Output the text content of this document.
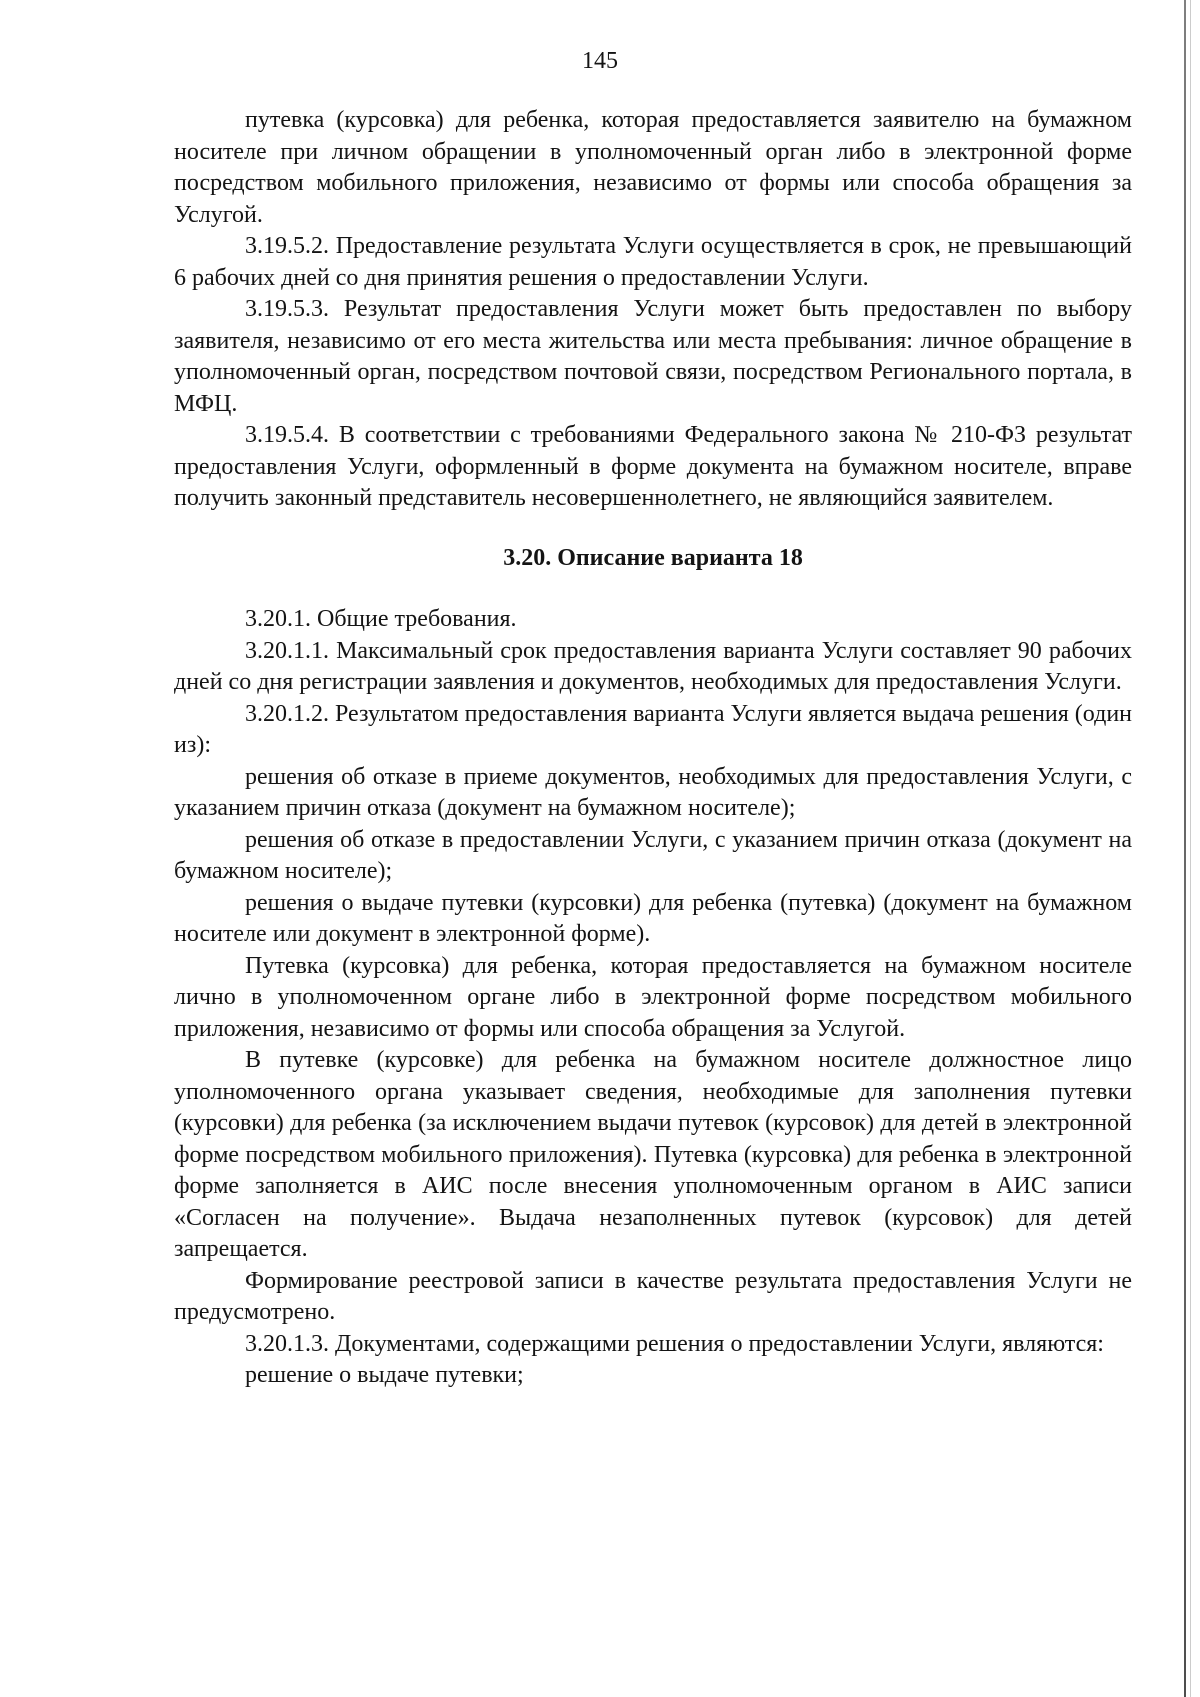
145

путевка (курсовка) для ребенка, которая предоставляется заявителю на бумажном носителе при личном обращении в уполномоченный орган либо в электронной форме посредством мобильного приложения, независимо от формы или способа обращения за Услугой.

3.19.5.2. Предоставление результата Услуги осуществляется в срок, не превышающий 6 рабочих дней со дня принятия решения о предоставлении Услуги.

3.19.5.3. Результат предоставления Услуги может быть предоставлен по выбору заявителя, независимо от его места жительства или места пребывания: личное обращение в уполномоченный орган, посредством почтовой связи, посредством Регионального портала, в МФЦ.

3.19.5.4. В соответствии с требованиями Федерального закона № 210-ФЗ результат предоставления Услуги, оформленный в форме документа на бумажном носителе, вправе получить законный представитель несовершеннолетнего, не являющийся заявителем.

3.20. Описание варианта 18

3.20.1. Общие требования.

3.20.1.1. Максимальный срок предоставления варианта Услуги составляет 90 рабочих дней со дня регистрации заявления и документов, необходимых для предоставления Услуги.

3.20.1.2. Результатом предоставления варианта Услуги является выдача решения (один из):

решения об отказе в приеме документов, необходимых для предоставления Услуги, с указанием причин отказа (документ на бумажном носителе);

решения об отказе в предоставлении Услуги, с указанием причин отказа (документ на бумажном носителе);

решения о выдаче путевки (курсовки) для ребенка (путевка) (документ на бумажном носителе или документ в электронной форме).

Путевка (курсовка) для ребенка, которая предоставляется на бумажном носителе лично в уполномоченном органе либо в электронной форме посредством мобильного приложения, независимо от формы или способа обращения за Услугой.

В путевке (курсовке) для ребенка на бумажном носителе должностное лицо уполномоченного органа указывает сведения, необходимые для заполнения путевки (курсовки) для ребенка (за исключением выдачи путевок (курсовок) для детей в электронной форме посредством мобильного приложения). Путевка (курсовка) для ребенка в электронной форме заполняется в АИС после внесения уполномоченным органом в АИС записи «Согласен на получение». Выдача незаполненных путевок (курсовок) для детей запрещается.

Формирование реестровой записи в качестве результата предоставления Услуги не предусмотрено.

3.20.1.3. Документами, содержащими решения о предоставлении Услуги, являются:

решение о выдаче путевки;
